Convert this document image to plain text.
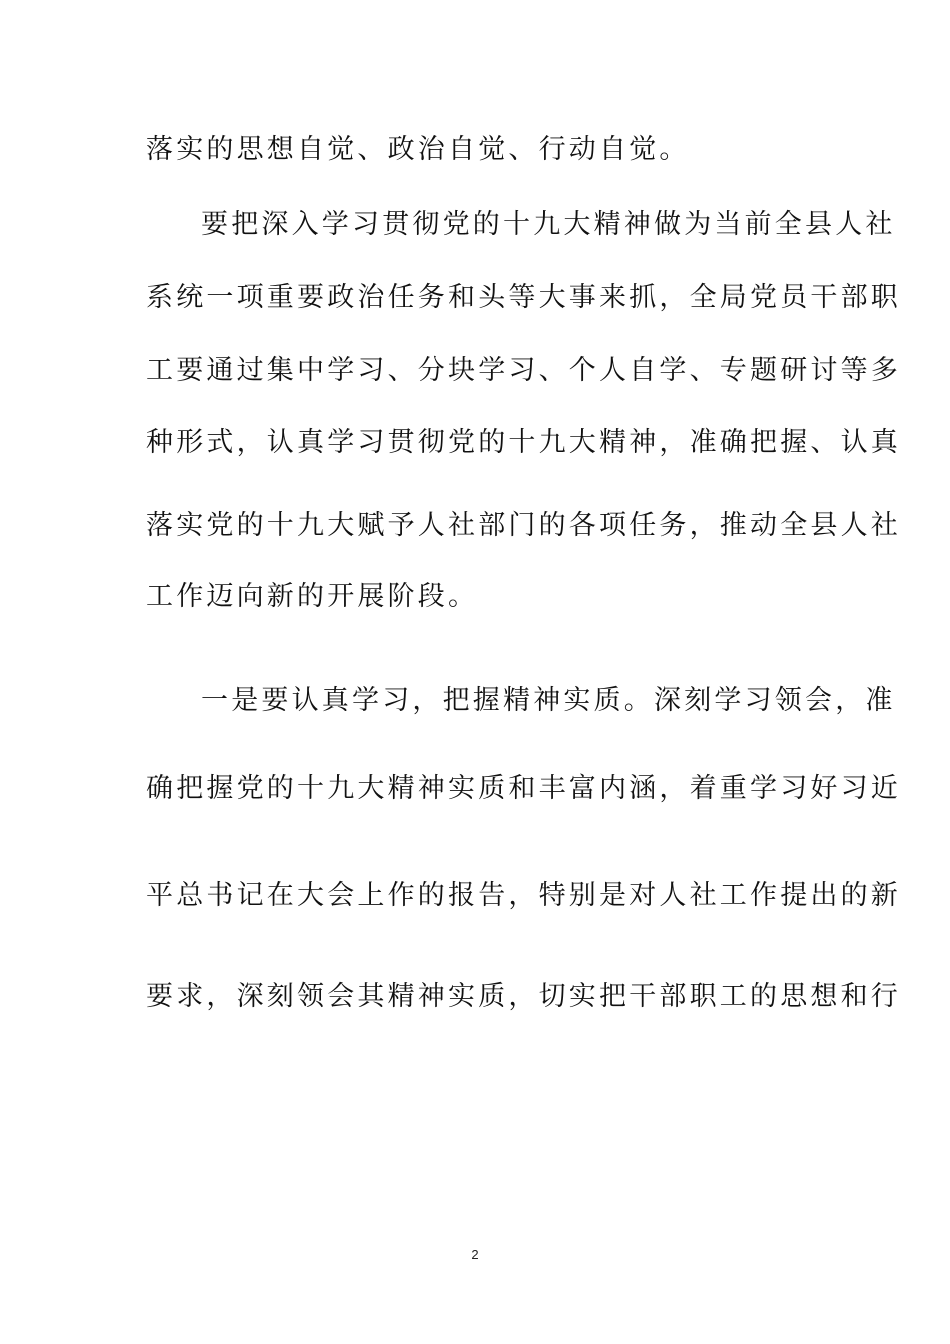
落实的思想自觉、政治自觉、行动自觉。
要把深入学习贯彻党的十九大精神做为当前全县人社
系统一项重要政治任务和头等大事来抓，全局党员干部职
工要通过集中学习、分块学习、个人自学、专题研讨等多
种形式，认真学习贯彻党的十九大精神，准确把握、认真
落实党的十九大赋予人社部门的各项任务，推动全县人社
工作迈向新的开展阶段。
一是要认真学习，把握精神实质。深刻学习领会，准
确把握党的十九大精神实质和丰富内涵，着重学习好习近
平总书记在大会上作的报告，特别是对人社工作提出的新
要求，深刻领会其精神实质，切实把干部职工的思想和行
2
